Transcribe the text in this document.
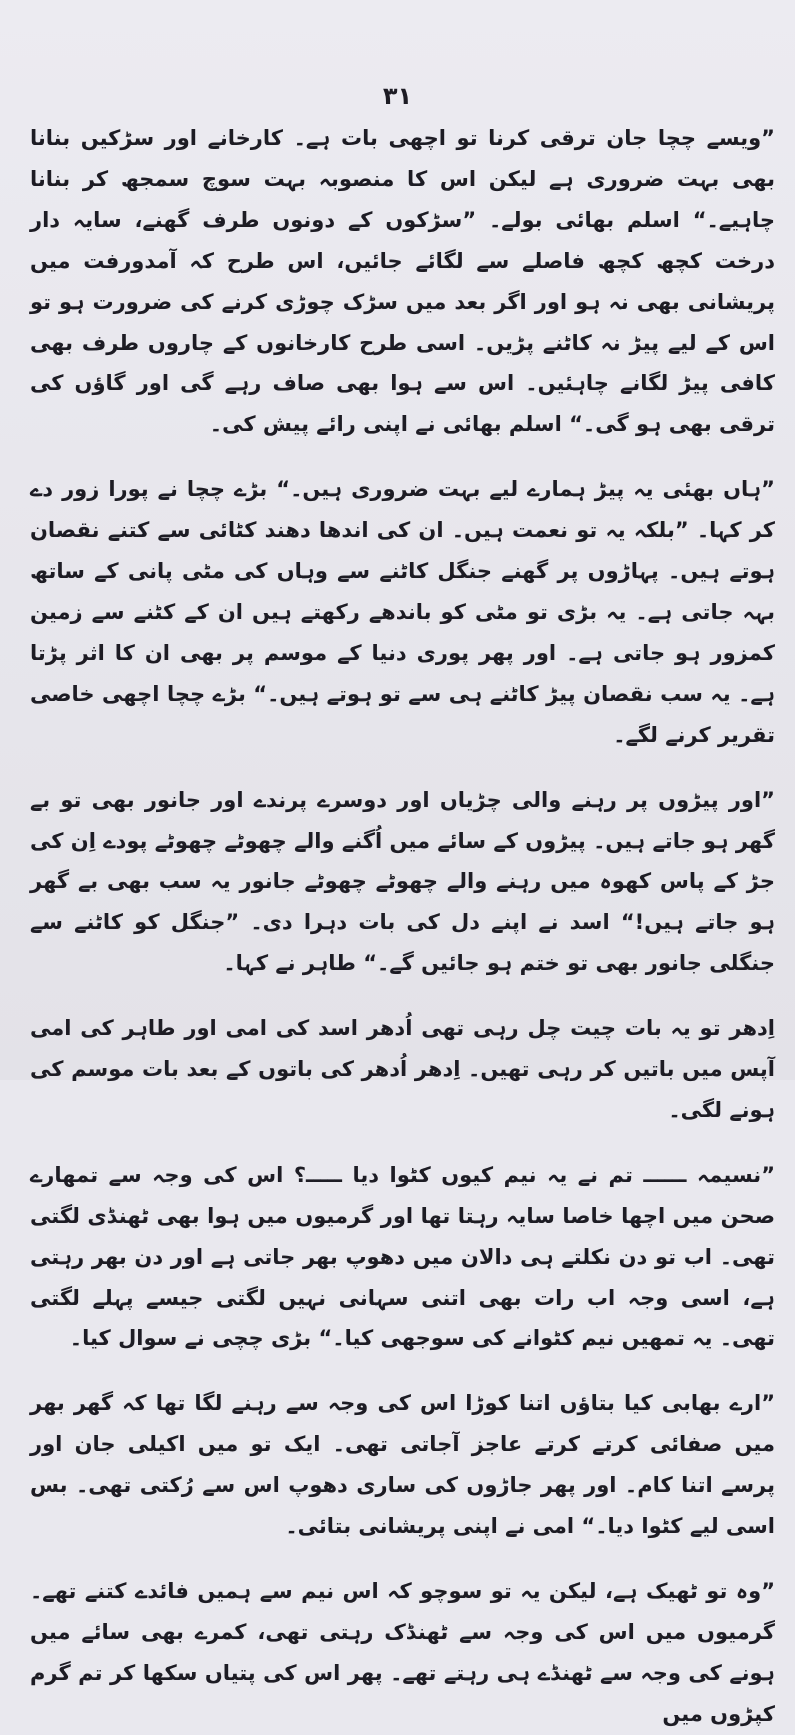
۳۱

”ویسے چچا جان ترقی کرنا تو اچھی بات ہے۔ کارخانے اور سڑکیں بنانا بھی بہت ضروری ہے لیکن اس کا منصوبہ بہت سوچ سمجھ کر بنانا چاہیے۔“ اسلم بھائی بولے۔ ”سڑکوں کے دونوں طرف گھنے، سایہ دار درخت کچھ کچھ فاصلے سے لگائے جائیں، اس طرح کہ آمدورفت میں پریشانی بھی نہ ہو اور اگر بعد میں سڑک چوڑی کرنے کی ضرورت ہو تو اس کے لیے پیڑ نہ کاٹنے پڑیں۔ اسی طرح کارخانوں کے چاروں طرف بھی کافی پیڑ لگانے چاہئیں۔ اس سے ہوا بھی صاف رہے گی اور گاؤں کی ترقی بھی ہو گی۔“ اسلم بھائی نے اپنی رائے پیش کی۔

”ہاں بھئی یہ پیڑ ہمارے لیے بہت ضروری ہیں۔“ بڑے چچا نے پورا زور دے کر کہا۔ ”بلکہ یہ تو نعمت ہیں۔ ان کی اندھا دھند کٹائی سے کتنے نقصان ہوتے ہیں۔ پہاڑوں پر گھنے جنگل کاٹنے سے وہاں کی مٹی پانی کے ساتھ بہہ جاتی ہے۔ یہ بڑی تو مٹی کو باندھے رکھتے ہیں ان کے کٹنے سے زمین کمزور ہو جاتی ہے۔ اور پھر پوری دنیا کے موسم پر بھی ان کا اثر پڑتا ہے۔ یہ سب نقصان پیڑ کاٹنے ہی سے تو ہوتے ہیں۔“ بڑے چچا اچھی خاصی تقریر کرنے لگے۔

”اور پیڑوں پر رہنے والی چڑیاں اور دوسرے پرندے اور جانور بھی تو بے گھر ہو جاتے ہیں۔ پیڑوں کے سائے میں اُگنے والے چھوٹے چھوٹے پودے اِن کی جڑ کے پاس کھوہ میں رہنے والے چھوٹے چھوٹے جانور یہ سب بھی بے گھر ہو جاتے ہیں!“ اسد نے اپنے دل کی بات دہرا دی۔ ”جنگل کو کاٹنے سے جنگلی جانور بھی تو ختم ہو جائیں گے۔“ طاہر نے کہا۔

اِدھر تو یہ بات چیت چل رہی تھی اُدھر اسد کی امی اور طاہر کی امی آپس میں باتیں کر رہی تھیں۔ اِدھر اُدھر کی باتوں کے بعد بات موسم کی ہونے لگی۔

”نسیمہ ــــــ تم نے یہ نیم کیوں کٹوا دیا ـــــ؟ اس کی وجہ سے تمھارے صحن میں اچھا خاصا سایہ رہتا تھا اور گرمیوں میں ہوا بھی ٹھنڈی لگتی تھی۔ اب تو دن نکلتے ہی دالان میں دھوپ بھر جاتی ہے اور دن بھر رہتی ہے، اسی وجہ اب رات بھی اتنی سہانی نہیں لگتی جیسے پہلے لگتی تھی۔ یہ تمھیں نیم کٹوانے کی سوجھی کیا۔“ بڑی چچی نے سوال کیا۔

”ارے بھابی کیا بتاؤں اتنا کوڑا اس کی وجہ سے رہنے لگا تھا کہ گھر بھر میں صفائی کرتے کرتے عاجز آجاتی تھی۔ ایک تو میں اکیلی جان اور پرسے اتنا کام۔ اور پھر جاڑوں کی ساری دھوپ اس سے رُکتی تھی۔ بس اسی لیے کٹوا دیا۔“ امی نے اپنی پریشانی بتائی۔

”وہ تو ٹھیک ہے، لیکن یہ تو سوچو کہ اس نیم سے ہمیں فائدے کتنے تھے۔ گرمیوں میں اس کی وجہ سے ٹھنڈک رہتی تھی، کمرے بھی سائے میں ہونے کی وجہ سے ٹھنڈے ہی رہتے تھے۔ پھر اس کی پتیاں سکھا کر تم گرم کپڑوں میں
